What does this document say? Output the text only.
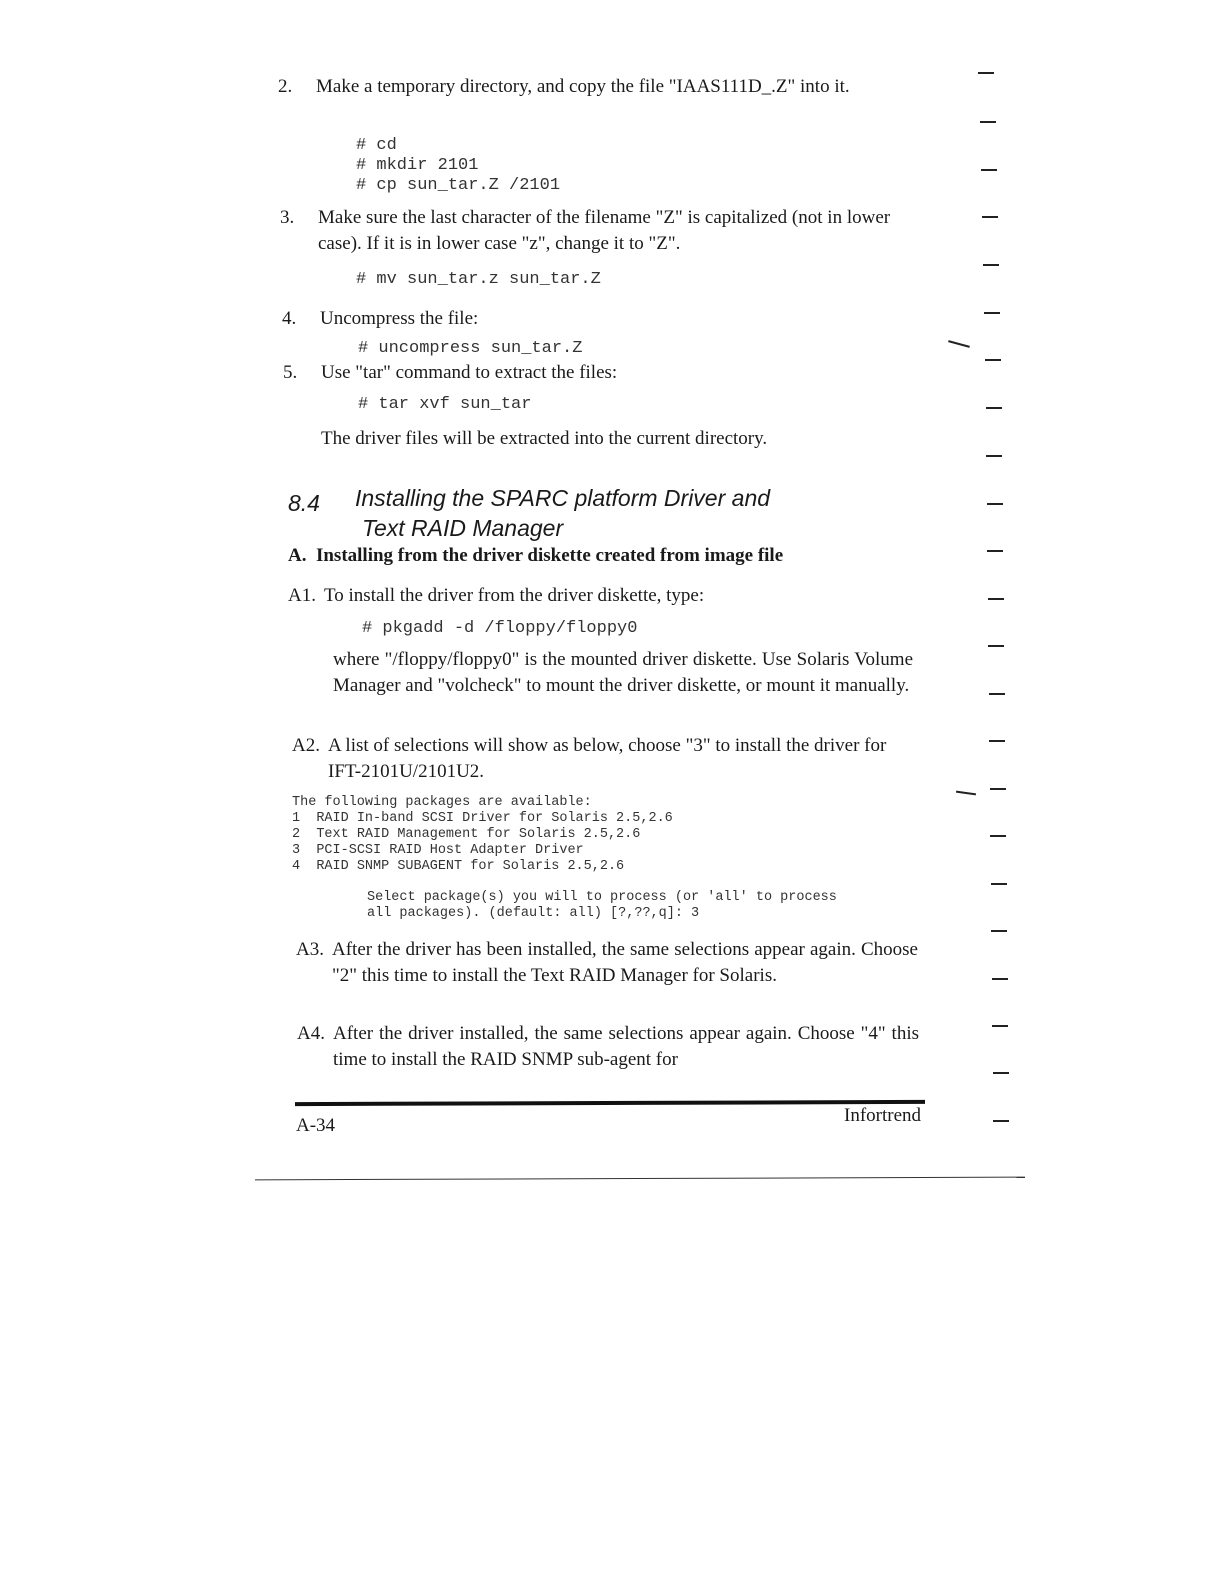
2. Make a temporary directory, and copy the file "IAAS111D_.Z" into it.
# cd
# mkdir 2101
# cp sun_tar.Z /2101
3. Make sure the last character of the filename "Z" is capitalized (not in lower case). If it is in lower case "z", change it to "Z".
# mv sun_tar.z sun_tar.Z
4. Uncompress the file:
# uncompress sun_tar.Z
5. Use "tar" command to extract the files:
# tar xvf sun_tar
The driver files will be extracted into the current directory.
8.4 Installing the SPARC platform Driver and
Text RAID Manager
A.  Installing from the driver diskette created from image file
A1. To install the driver from the driver diskette, type:
# pkgadd -d /floppy/floppy0
where "/floppy/floppy0" is the mounted driver diskette. Use Solaris Volume Manager and "volcheck" to mount the driver diskette, or mount it manually.
A2. A list of selections will show as below, choose "3" to install the driver for IFT-2101U/2101U2.
The following packages are available:
1 RAID In-band SCSI Driver for Solaris 2.5,2.6
2 Text RAID Management for Solaris 2.5,2.6
3 PCI-SCSI RAID Host Adapter Driver
4 RAID SNMP SUBAGENT for Solaris 2.5,2.6
Select package(s) you will to process (or 'all' to process
all packages). (default: all) [?,??,q]: 3
A3. After the driver has been installed, the same selections appear again. Choose "2" this time to install the Text RAID Manager for Solaris.
A4. After the driver installed, the same selections appear again. Choose "4" this time to install the RAID SNMP sub-agent for
A-34	Infortrend
